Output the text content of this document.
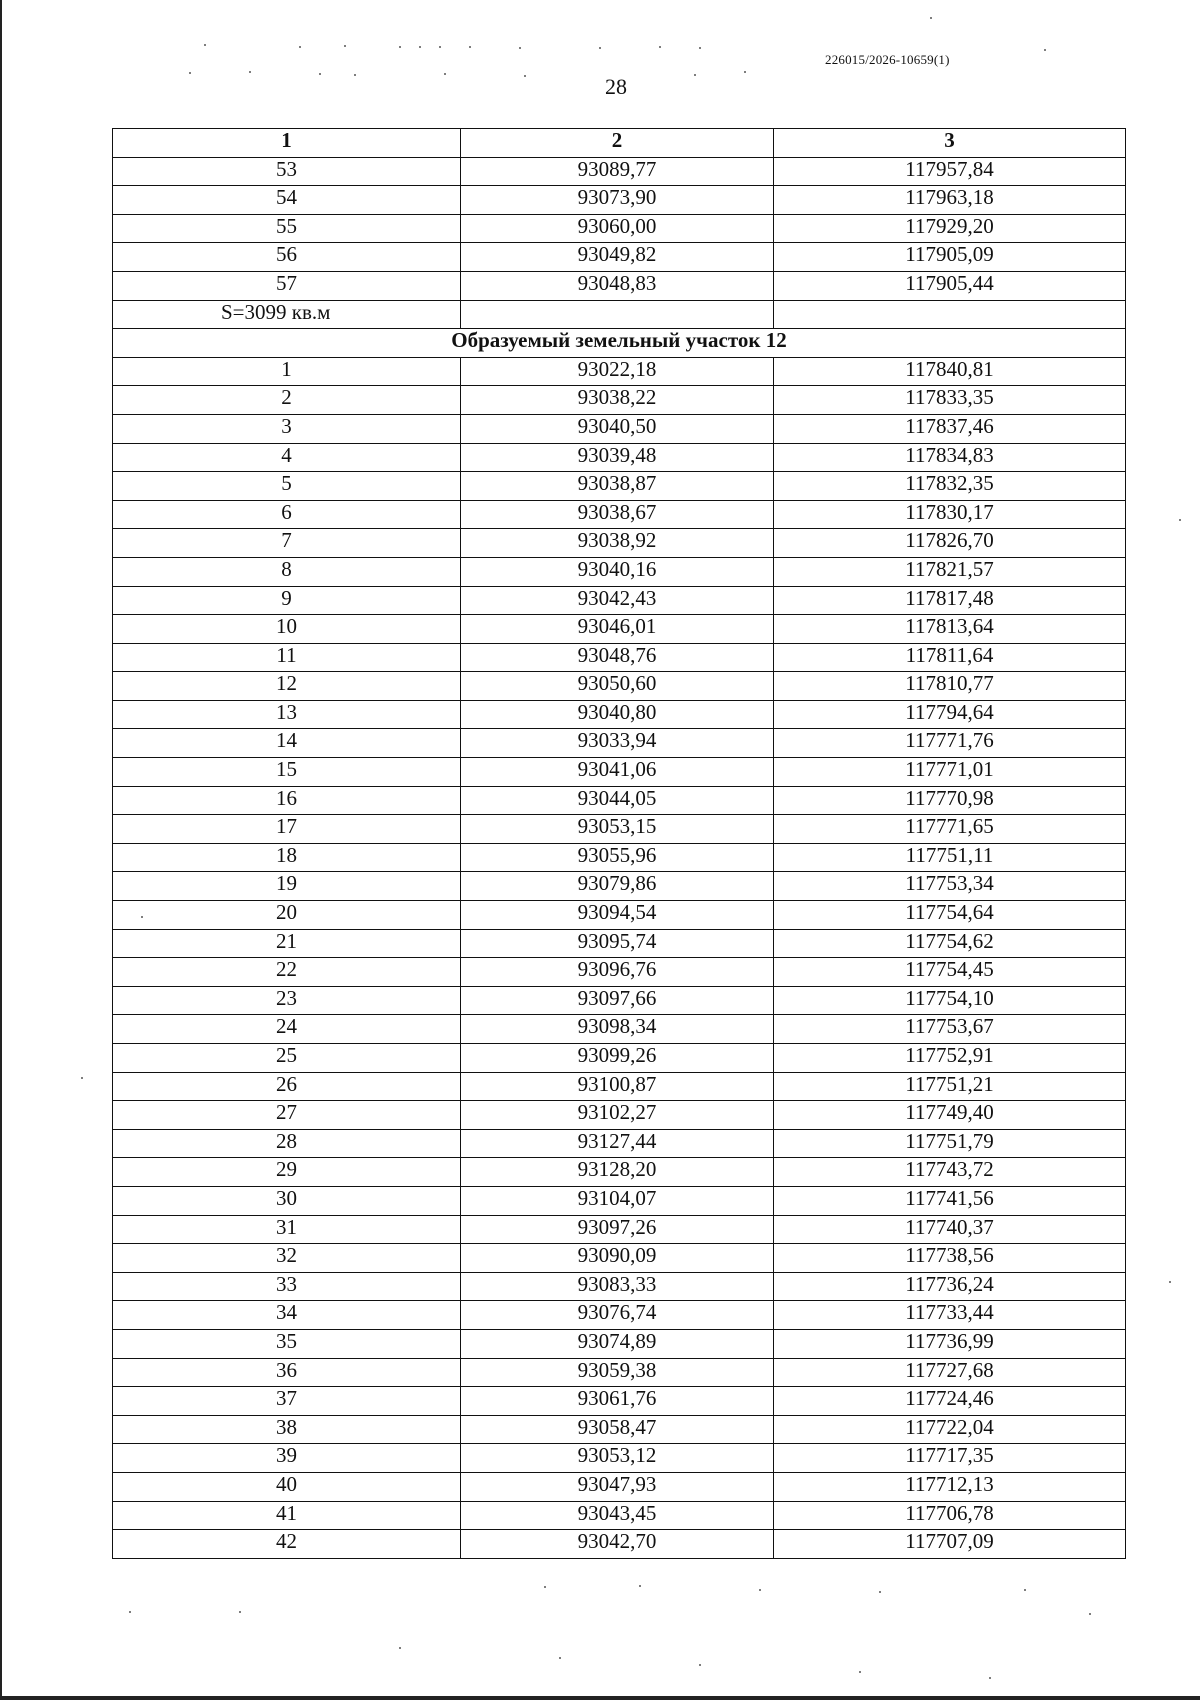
226015/2026-10659(1)
28
1	2	3
53	93089,77	117957,84
54	93073,90	117963,18
55	93060,00	117929,20
56	93049,82	117905,09
57	93048,83	117905,44
S=3099 кв.м		
Образуемый земельный участок 12		
1	93022,18	117840,81
2	93038,22	117833,35
3	93040,50	117837,46
4	93039,48	117834,83
5	93038,87	117832,35
6	93038,67	117830,17
7	93038,92	117826,70
8	93040,16	117821,57
9	93042,43	117817,48
10	93046,01	117813,64
11	93048,76	117811,64
12	93050,60	117810,77
13	93040,80	117794,64
14	93033,94	117771,76
15	93041,06	117771,01
16	93044,05	117770,98
17	93053,15	117771,65
18	93055,96	117751,11
19	93079,86	117753,34
20	93094,54	117754,64
21	93095,74	117754,62
22	93096,76	117754,45
23	93097,66	117754,10
24	93098,34	117753,67
25	93099,26	117752,91
26	93100,87	117751,21
27	93102,27	117749,40
28	93127,44	117751,79
29	93128,20	117743,72
30	93104,07	117741,56
31	93097,26	117740,37
32	93090,09	117738,56
33	93083,33	117736,24
34	93076,74	117733,44
35	93074,89	117736,99
36	93059,38	117727,68
37	93061,76	117724,46
38	93058,47	117722,04
39	93053,12	117717,35
40	93047,93	117712,13
41	93043,45	117706,78
42	93042,70	117707,09
